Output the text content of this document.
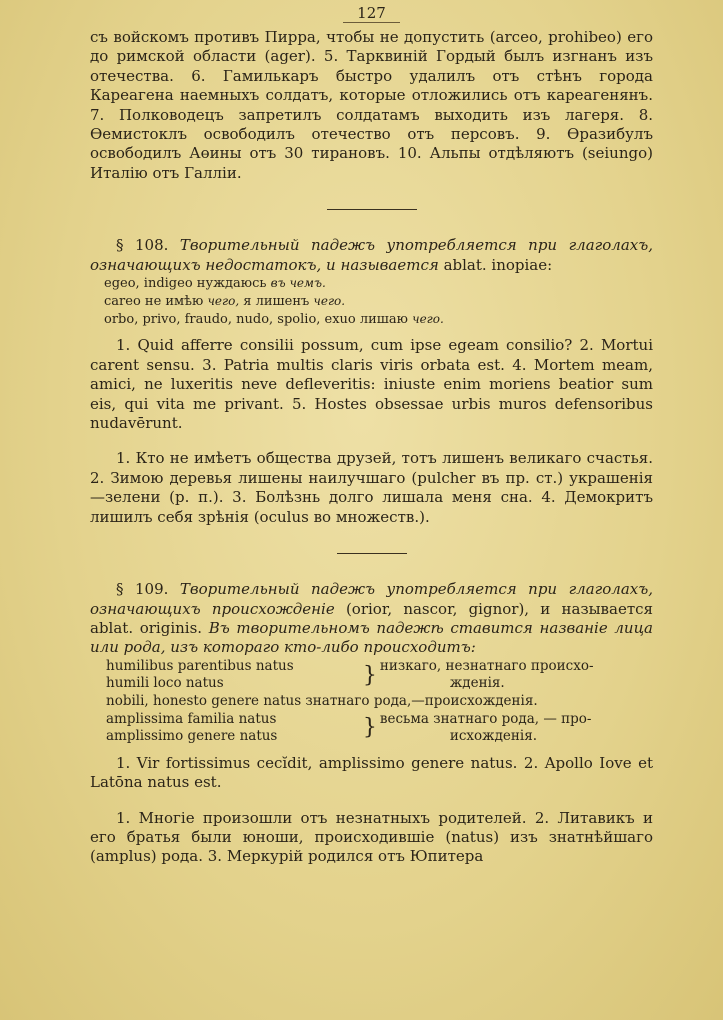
127

съ войскомъ противъ Пирра, чтобы не допустить (arceo, prohibeo) его до римской области (ager). 5. Тарквиній Гордый былъ изгнанъ изъ отечества. 6. Гамилькаръ быстро удалилъ отъ стѣнъ города Кареагена наемныхъ солдатъ, которые отложились отъ кареагенянъ. 7. Полководецъ запретилъ солдатамъ выходить изъ лагеря. 8. Өемистоклъ освободилъ отечество отъ персовъ. 9. Өразибулъ освободилъ Аөины отъ 30 тирановъ. 10. Альпы отдѣляютъ (seiungo) Италію отъ Галліи.

§ 108. Творительный падежъ употребляется при глаголахъ, означающихъ недостатокъ, и называется ablat. inopiae:

egeo, indigeo нуждаюсь въ чемъ.

careo не имѣю чего, я лишенъ чего.

orbo, privo, fraudo, nudo, spolio, exuo лишаю чего.

1. Quid afferre consilii possum, cum ipse egeam consilio? 2. Mortui carent sensu. 3. Patria multis claris viris orbata est. 4. Mortem meam, amici, ne luxeritis neve defleveritis: iniuste enim moriens beatior sum eis, qui vita me privant. 5. Hostes obsessae urbis muros defensoribus nudavērunt.

1. Кто не имѣетъ общества друзей, тотъ лишенъ великаго счастья. 2. Зимою деревья лишены наилучшаго (pulcher въ пр. ст.) украшенія—зелени (р. п.). 3. Болѣзнь долго лишала меня сна. 4. Демокритъ лишилъ себя зрѣнія (oculus во множеств.).

§ 109. Творительный падежъ употребляется при глаголахъ, означающихъ происхожденіе (orior, nascor, gignor), и называется ablat. originis. Въ творительномъ падежѣ ставится названіе лица или рода, изъ котораго кто-либо происходитъ:

humilibus parentibus natus	}	низкаго, незнатнаго происхо-
humili loco natus		жденія.
nobili, honesto genere natus знатнаго рода,—происхожденія.		
amplissima familia natus	}	весьма знатнаго рода, — про-
amplissimo genere natus		исхожденія.

1. Vir fortissimus cecĭdit, amplissimo genere natus. 2. Apollo Iove et Latōna natus est.

1. Многіе произошли отъ незнатныхъ родителей. 2. Литавикъ и его братья были юноши, происходившіе (natus) изъ знатнѣйшаго (amplus) рода. 3. Меркурій родился отъ Юпитера
